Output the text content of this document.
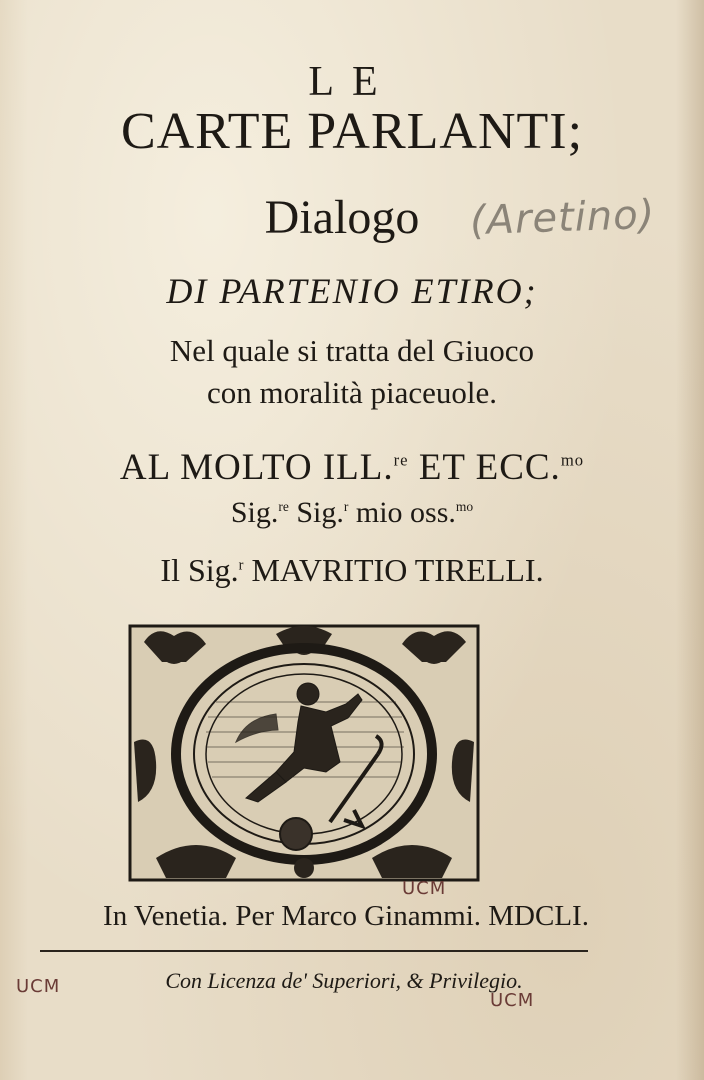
LE
CARTE PARLANTI;
Dialogo	(Aretino)
DI PARTENIO ETIRO;
Nel quale si tratta del Giuoco
con moralità piaceuole.
AL MOLTO ILL.$^{re}$ ET ECC.$^{mo}$
Sig.$^{re}$ Sig.$^r$ mio oss.$^{mo}$
Il Sig.$^r$ MAVRITIO TIRELLI.
UCM
In Venetia. Per Marco Ginammi. MDCLI.
UCM	Con Licenza de' Superiori, & Privilegio.
UCM
